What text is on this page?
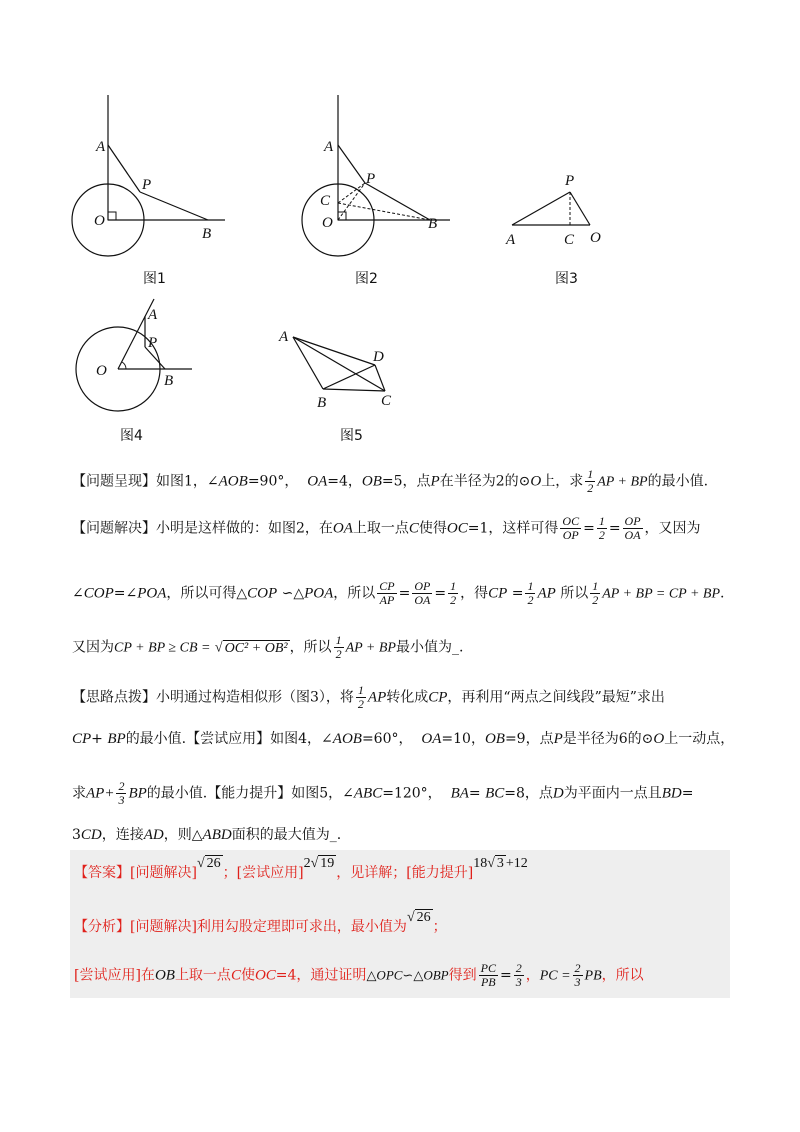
A
P
O
B
图1
A
P
C
O	B
图2
P
A	C O
图3
A
P
O
B
图4
A
D
B	C
图5
【问题呈现】如图1，∠AOB=90°， OA=4，OB=5，点P在半径为2的⊙O上，求 $\frac{1}{2}$ AP + BP的最小值.
【问题解决】小明是这样做的：如图2，在OA上取一点C使得OC=1，这样可得 $\frac{OC}{OP} = \frac{1}{2} = \frac{OP}{OA}$ ，又因为
∠COP=∠POA，所以可得△COP ∽△POA，所以 $\frac{CP}{AP} = \frac{OP}{OA} = \frac{1}{2}$ ，得CP = $\frac{1}{2}$ AP 所以 $\frac{1}{2}$ AP + BP = CP + BP.
又因为CP + BP ≥ CB = √ OC² + OB² ，所以 $\frac{1}{2}$ AP + BP最小值为_.
【思路点拨】小明通过构造相似形（图3），将 $\frac{1}{2}$ AP转化成CP，再利用“两点之间线段”最短”求出
CP+ BP的最小值.【尝试应用】如图4，∠AOB=60°， OA=10，OB=9，点P是半径为6的⊙O上一动点，
求$AP+ \frac{2}{3}$ BP的最小值.【能力提升】如图5，∠ABC=120°， BA= BC=8，点D为平面内一点且BD=
3CD，连接AD，则△ABD面积的最大值为_.
【答案】[问题解决]√ 26；[尝试应用]2√ 19，见详解；[能力提升]18√ 3 +12
【分析】[问题解决]利用勾股定理即可求出，最小值为√ 26；
[尝试应用]在OB上取一点C使OC=4，通过证明△OPC∽△OBP得到 $\frac{PC}{PB} = \frac{2}{3}$ ，PC = $\frac{2}{3}$ PB，所以
